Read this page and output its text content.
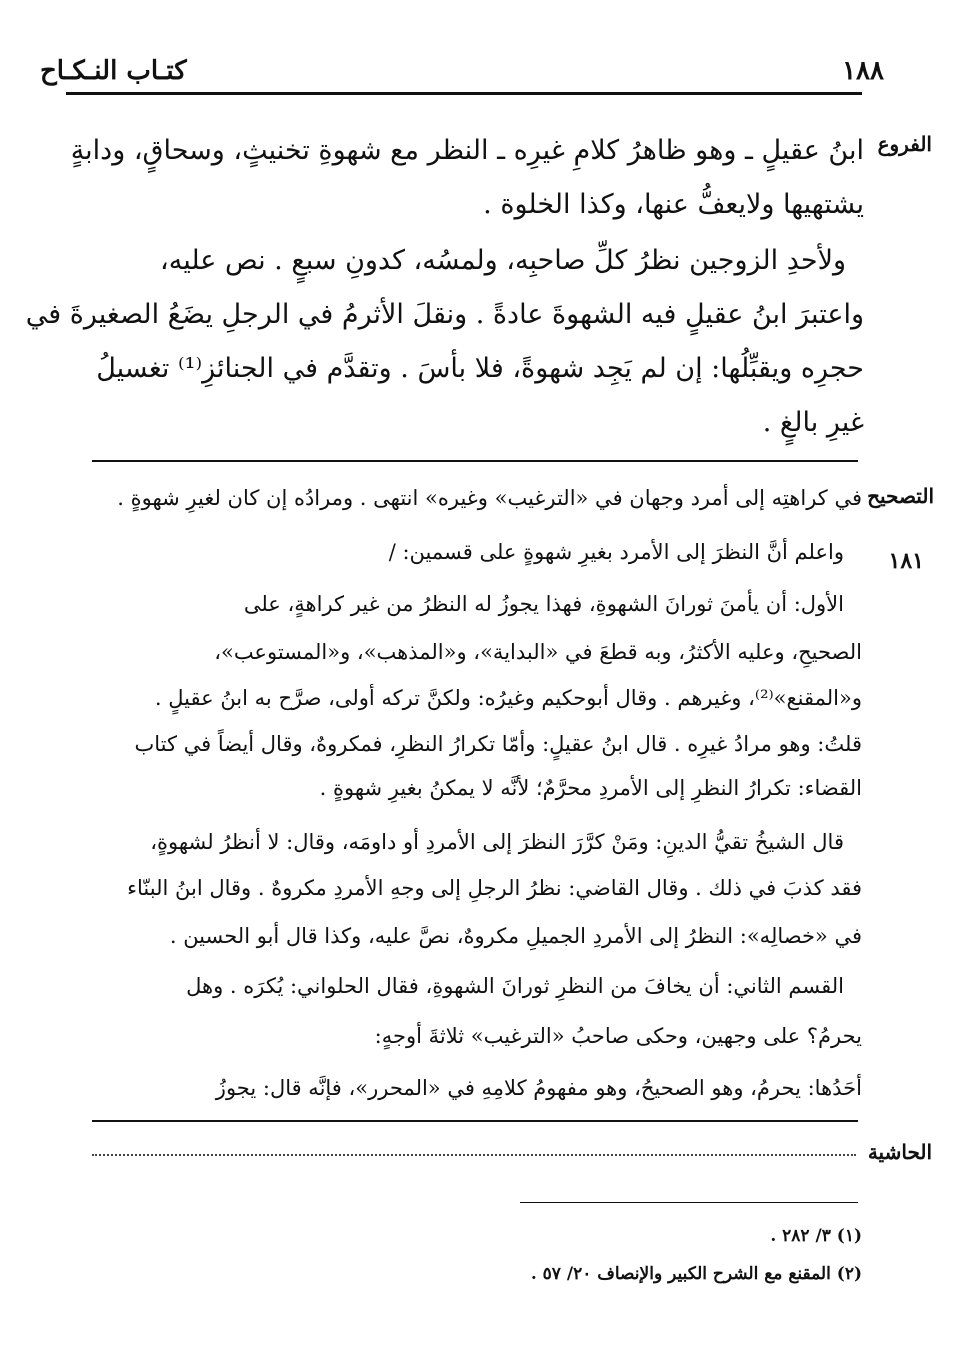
١٨٨
كتـاب النـكـاح
الفروع
ابنُ عقيلٍ ـ وهو ظاهرُ كلامِ غيرِه ـ النظر مع شهوةِ تخنيثٍ، وسحاقٍ، ودابةٍ
يشتهيها ولايعفُّ عنها، وكذا الخلوة .
ولأحدِ الزوجين نظرُ كلِّ صاحبِه، ولمسُه، كدونِ سبعٍ . نص عليه،
واعتبرَ ابنُ عقيلٍ فيه الشهوةَ عادةً . ونقلَ الأثرمُ في الرجلِ يضَعُ الصغيرةَ في
حجرِه ويقبِّلُها: إن لم يَجِد شهوةً، فلا بأسَ . وتقدَّم في الجنائزِ⁽¹⁾ تغسيلُ
غيرِ بالغٍ .
التصحيح
١٨١
في كراهتِه إلى أمرد وجهان في «الترغيب» وغيره» انتهى . ومرادُه إن كان لغيرِ شهوةٍ .
واعلم أنَّ النظرَ إلى الأمرد بغيرِ شهوةٍ على قسمين: /
الأول: أن يأمنَ ثورانَ الشهوةِ، فهذا يجوزُ له النظرُ من غير كراهةٍ، على
الصحيحِ، وعليه الأكثرُ، وبه قطعَ في «البداية»، و«المذهب»، و«المستوعب»،
و«المقنع»⁽²⁾، وغيرهم . وقال أبوحكيم وغيرُه: ولكنَّ تركه أولى، صرَّح به ابنُ عقيلٍ .
قلتُ: وهو مرادُ غيرِه . قال ابنُ عقيلٍ: وأمّا تكرارُ النظرِ، فمكروهٌ، وقال أيضاً في كتاب
القضاء: تكرارُ النظرِ إلى الأمردِ محرَّمٌ؛ لأنَّه لا يمكنُ بغيرِ شهوةٍ .
قال الشيخُ تقيُّ الدينِ: ومَنْ كرَّرَ النظرَ إلى الأمردِ أو داومَه، وقال: لا أنظرُ لشهوةٍ،
فقد كذبَ في ذلك . وقال القاضي: نظرُ الرجلِ إلى وجهِ الأمردِ مكروهٌ . وقال ابنُ البنّاء
في «خصالِه»: النظرُ إلى الأمردِ الجميلِ مكروهٌ، نصَّ عليه، وكذا قال أبو الحسين .
القسم الثاني: أن يخافَ من النظرِ ثورانَ الشهوةِ، فقال الحلواني: يُكرَه . وهل
يحرمُ؟ على وجهين، وحكى صاحبُ «الترغيب» ثلاثةَ أوجهٍ:
أحَدُها: يحرمُ، وهو الصحيحُ، وهو مفهومُ كلامِهِ في «المحرر»، فإنَّه قال: يجوزُ
الحاشية
(١) ٣/ ٢٨٢ .
(٢) المقنع مع الشرح الكبير والإنصاف ٢٠/ ٥٧ .
